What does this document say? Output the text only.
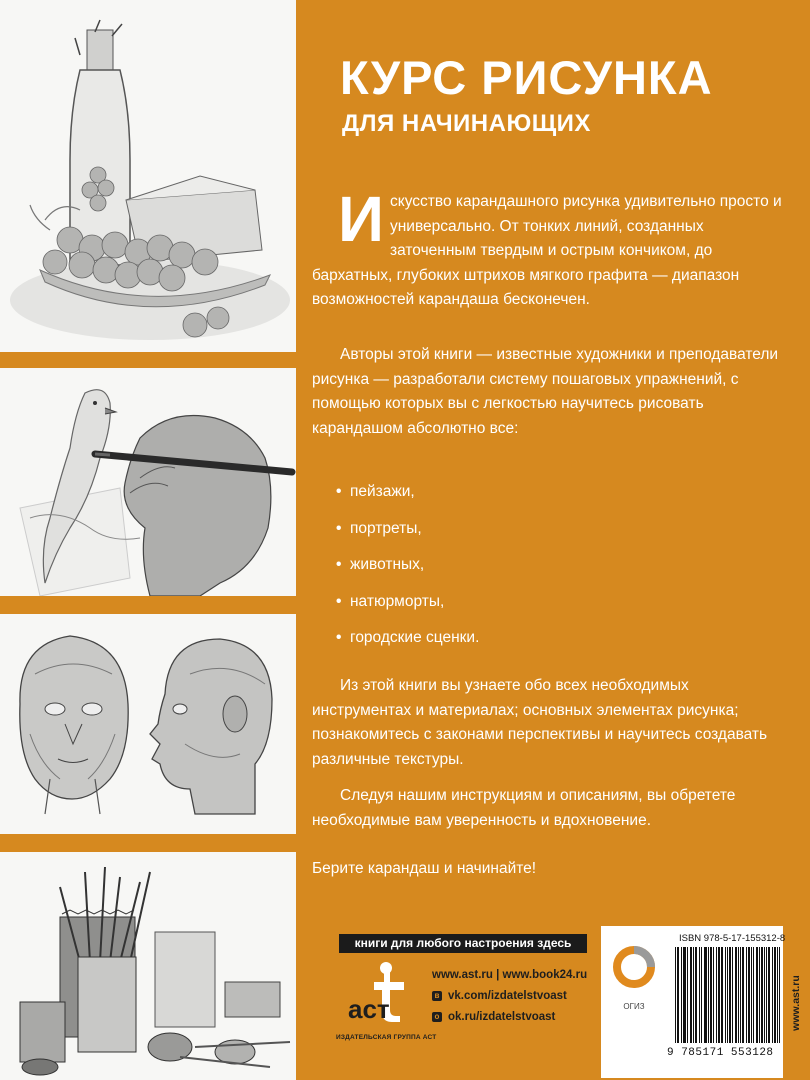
КУРС РИСУНКА
ДЛЯ НАЧИНАЮЩИХ
И скусство карандашного рисунка удивительно просто и универсально. От тонких линий, созданных заточенным твердым и острым кончиком, до бархатных, глубоких штрихов мягкого графита — диапазон возможностей карандаша бесконечен.
Авторы этой книги — известные художники и преподаватели рисунка — разработали систему пошаговых упражнений, с помощью которых вы с легкостью научитесь рисовать карандашом абсолютно все:
• пейзажи,
• портреты,
• животных,
• натюрморты,
• городские сценки.
Из этой книги вы узнаете обо всех необходимых инструментах и материалах; основных элементах рисунка; познакомитесь с законами перспективы и научитесь создавать различные текстуры.
Следуя нашим инструкциям и описаниям, вы обретете необходимые вам уверенность и вдохновение.
Берите карандаш и начинайте!
книги для любого настроения здесь
аст
ИЗДАТЕЛЬСКАЯ ГРУППА АСТ
www.ast.ru | www.book24.ru
в vk.com/izdatelstvoast
о ok.ru/izdatelstvoast
ОГИЗ
ISBN 978-5-17-155312-8
9 785171 553128
www.ast.ru
